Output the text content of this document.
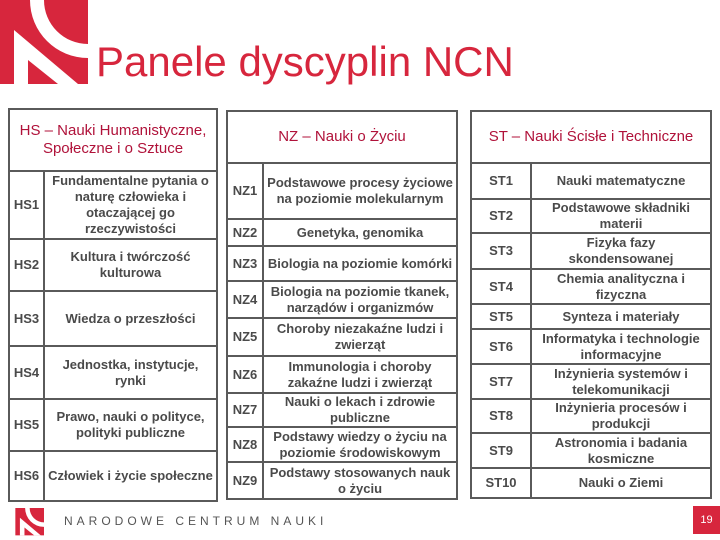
Panele dyscyplin NCN
HS – Nauki Humanistyczne, Społeczne i o Sztuce	
HS1	Fundamentalne pytania o naturę człowieka i otaczającej go rzeczywistości
HS2	Kultura i twórczość kulturowa
HS3	Wiedza o przeszłości
HS4	Jednostka, instytucje, rynki
HS5	Prawo, nauki o polityce, polityki publiczne
HS6	Człowiek i życie społeczne
NZ – Nauki o Życiu	
NZ1	Podstawowe procesy życiowe na poziomie molekularnym
NZ2	Genetyka, genomika
NZ3	Biologia na poziomie komórki
NZ4	Biologia na poziomie tkanek, narządów i organizmów
NZ5	Choroby niezakaźne ludzi i zwierząt
NZ6	Immunologia i choroby zakaźne ludzi i zwierząt
NZ7	Nauki o lekach i zdrowie publiczne
NZ8	Podstawy wiedzy o życiu na poziomie środowiskowym
NZ9	Podstawy stosowanych nauk o życiu
ST – Nauki Ścisłe i Techniczne	
ST1	Nauki matematyczne
ST2	Podstawowe składniki materii
ST3	Fizyka fazy skondensowanej
ST4	Chemia analityczna i fizyczna
ST5	Synteza i materiały
ST6	Informatyka i technologie informacyjne
ST7	Inżynieria systemów i telekomunikacji
ST8	Inżynieria procesów i produkcji
ST9	Astronomia i badania kosmiczne
ST10	Nauki o Ziemi
NARODOWE CENTRUM NAUKI	19
